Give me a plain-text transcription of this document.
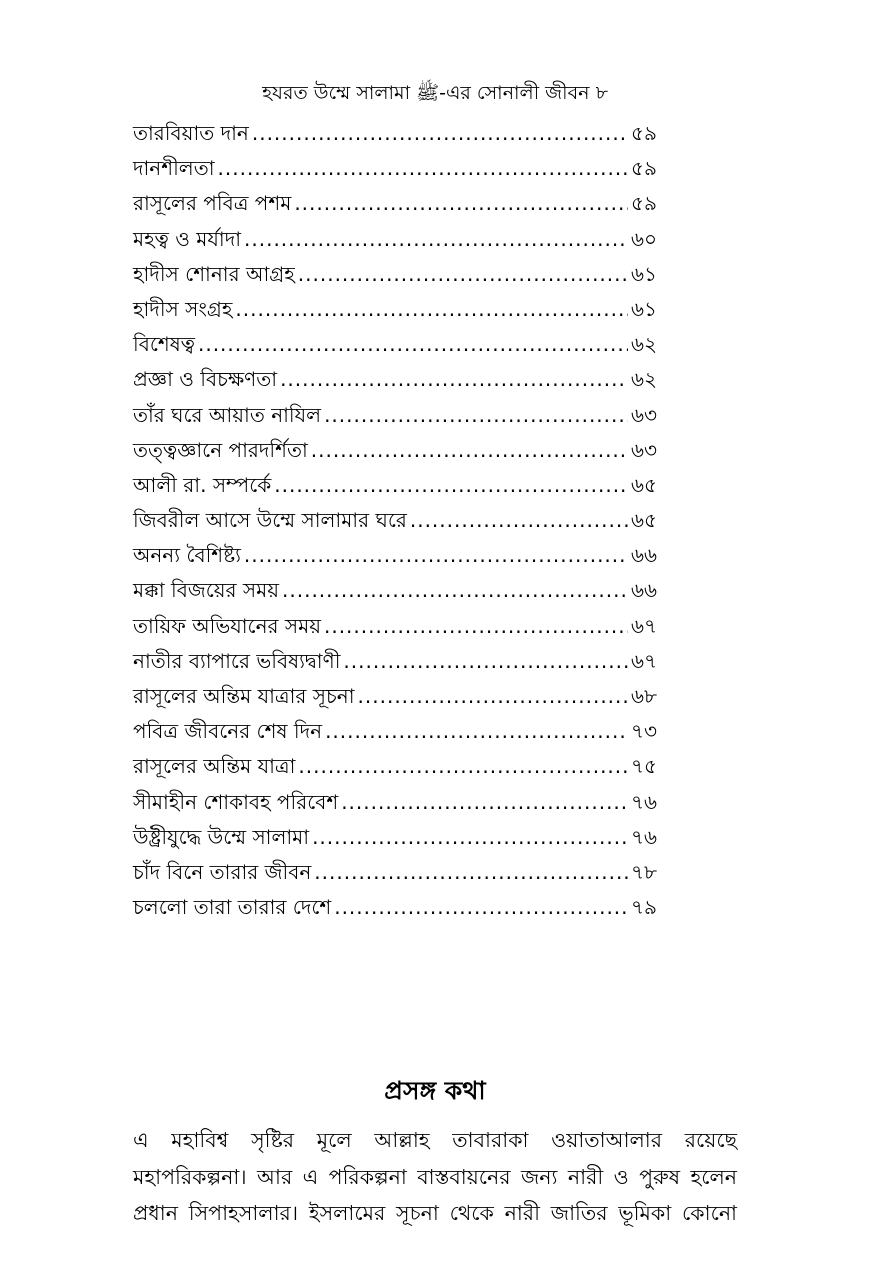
হযরত উম্মে সালামা ﷺ-এর সোনালী জীবন ৮
তারবিয়াত দান .....	৫৯
দানশীলতা .....	৫৯
রাসূলের পবিত্র পশম .....	৫৯
মহত্ব ও মর্যাদা .....	৬০
হাদীস শোনার আগ্রহ .....	৬১
হাদীস সংগ্রহ .....	৬১
বিশেষত্ব .....	৬২
প্রজ্ঞা ও বিচক্ষণতা .....	৬২
তাঁর ঘরে আয়াত নাযিল .....	৬৩
তত্ত্বজ্ঞানে পারদর্শিতা .....	৬৩
আলী রা. সম্পর্কে .....	৬৫
জিবরীল আসে উম্মে সালামার ঘরে .....	৬৫
অনন্য বৈশিষ্ট্য .....	৬৬
মক্কা বিজয়ের সময় .....	৬৬
তায়িফ অভিযানের সময় .....	৬৭
নাতীর ব্যাপারে ভবিষ্যদ্বাণী .....	৬৭
রাসূলের অন্তিম যাত্রার সূচনা .....	৬৮
পবিত্র জীবনের শেষ দিন .....	৭৩
রাসূলের অন্তিম যাত্রা .....	৭৫
সীমাহীন শোকাবহ পরিবেশ .....	৭৬
উষ্ট্রীযুদ্ধে উম্মে সালামা .....	৭৬
চাঁদ বিনে তারার জীবন .....	৭৮
চললো তারা তারার দেশে .....	৭৯
প্রসঙ্গ কথা
এ মহাবিশ্ব সৃষ্টির মূলে আল্লাহ তাবারাকা ওয়াতাআলার রয়েছে
মহাপরিকল্পনা। আর এ পরিকল্পনা বাস্তবায়নের জন্য নারী ও পুরুষ হলেন
প্রধান সিপাহসালার। ইসলামের সূচনা থেকে নারী জাতির ভূমিকা কোনো
